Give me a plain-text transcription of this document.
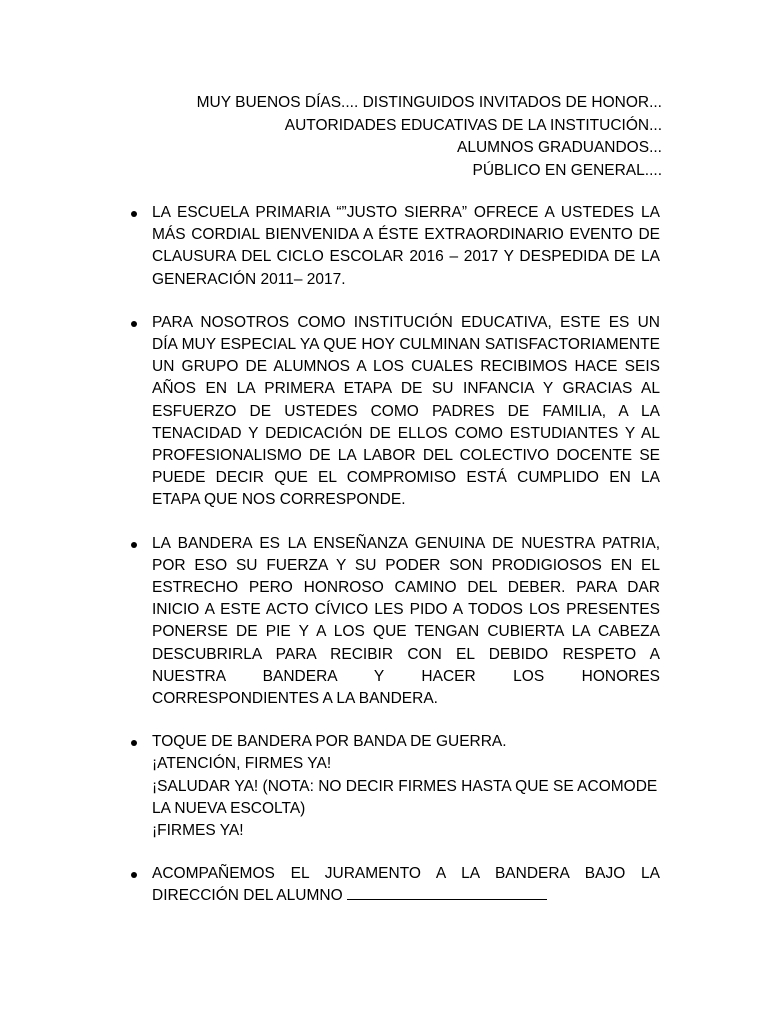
MUY BUENOS DÍAS.... DISTINGUIDOS INVITADOS DE HONOR...
AUTORIDADES EDUCATIVAS DE LA INSTITUCIÓN...
ALUMNOS GRADUANDOS...
PÚBLICO EN GENERAL....
LA ESCUELA PRIMARIA “”JUSTO SIERRA” OFRECE A USTEDES LA MÁS CORDIAL BIENVENIDA A ÉSTE EXTRAORDINARIO EVENTO DE CLAUSURA DEL CICLO ESCOLAR 2016 – 2017 Y DESPEDIDA DE LA GENERACIÓN 2011– 2017.
PARA NOSOTROS COMO INSTITUCIÓN EDUCATIVA, ESTE ES UN DÍA MUY ESPECIAL YA QUE HOY CULMINAN SATISFACTORIAMENTE UN GRUPO DE ALUMNOS A LOS CUALES RECIBIMOS HACE SEIS AÑOS EN LA PRIMERA ETAPA DE SU INFANCIA Y GRACIAS AL ESFUERZO DE USTEDES COMO PADRES DE FAMILIA, A LA TENACIDAD Y DEDICACIÓN DE ELLOS COMO ESTUDIANTES Y AL PROFESIONALISMO DE LA LABOR DEL COLECTIVO DOCENTE SE PUEDE DECIR QUE EL COMPROMISO ESTÁ CUMPLIDO EN LA ETAPA QUE NOS CORRESPONDE.
LA BANDERA ES LA ENSEÑANZA GENUINA DE NUESTRA PATRIA, POR ESO SU FUERZA Y SU PODER SON PRODIGIOSOS EN EL ESTRECHO PERO HONROSO CAMINO DEL DEBER. PARA DAR INICIO A ESTE ACTO CÍVICO LES PIDO A TODOS LOS PRESENTES PONERSE DE PIE Y A LOS QUE TENGAN CUBIERTA LA CABEZA DESCUBRIRLA PARA RECIBIR CON EL DEBIDO RESPETO A NUESTRA BANDERA Y HACER LOS HONORES CORRESPONDIENTES A LA BANDERA.
TOQUE DE BANDERA POR BANDA DE GUERRA.
¡ATENCIÓN, FIRMES YA!
¡SALUDAR YA! (NOTA: NO DECIR FIRMES HASTA QUE SE ACOMODE LA NUEVA ESCOLTA)
¡FIRMES YA!
ACOMPAÑEMOS EL JURAMENTO A LA BANDERA BAJO LA DIRECCIÓN DEL ALUMNO
